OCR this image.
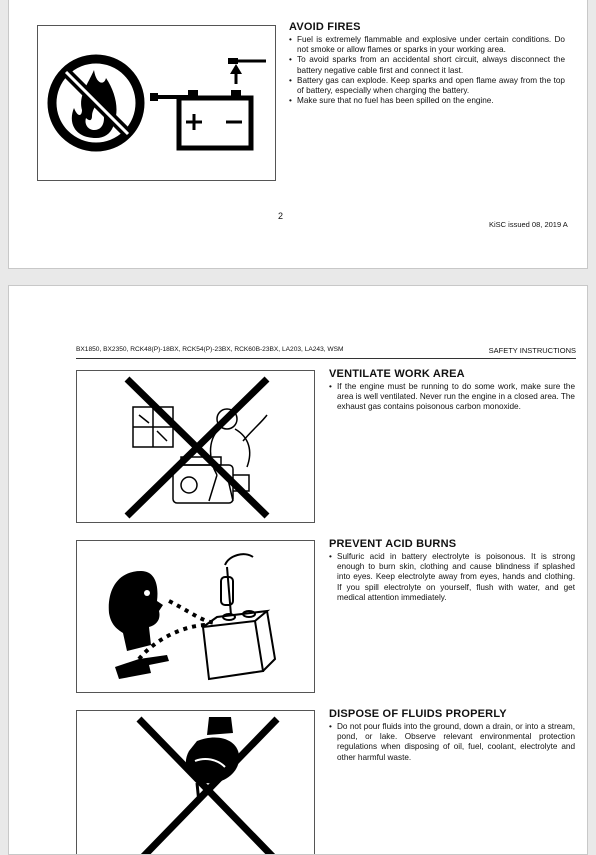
AVOID FIRES
• Fuel is extremely flammable and explosive under certain conditions. Do not smoke or allow flames or sparks in your working area.
• To avoid sparks from an accidental short circuit, always disconnect the battery negative cable first and connect it last.
• Battery gas can explode. Keep sparks and open flame away from the top of battery, especially when charging the battery.
• Make sure that no fuel has been spilled on the engine.
2
KiSC issued 08, 2019 A
BX1850, BX2350, RCK48(P)-18BX, RCK54(P)-23BX, RCK60B-23BX, LA203, LA243, WSM	SAFETY INSTRUCTIONS
VENTILATE WORK AREA
• If the engine must be running to do some work, make sure the area is well ventilated. Never run the engine in a closed area. The exhaust gas contains poisonous carbon monoxide.
PREVENT ACID BURNS
• Sulfuric acid in battery electrolyte is poisonous. It is strong enough to burn skin, clothing and cause blindness if splashed into eyes. Keep electrolyte away from eyes, hands and clothing. If you spill electrolyte on yourself, flush with water, and get medical attention immediately.
DISPOSE OF FLUIDS PROPERLY
• Do not pour fluids into the ground, down a drain, or into a stream, pond, or lake. Observe relevant environmental protection regulations when disposing of oil, fuel, coolant, electrolyte and other harmful waste.
